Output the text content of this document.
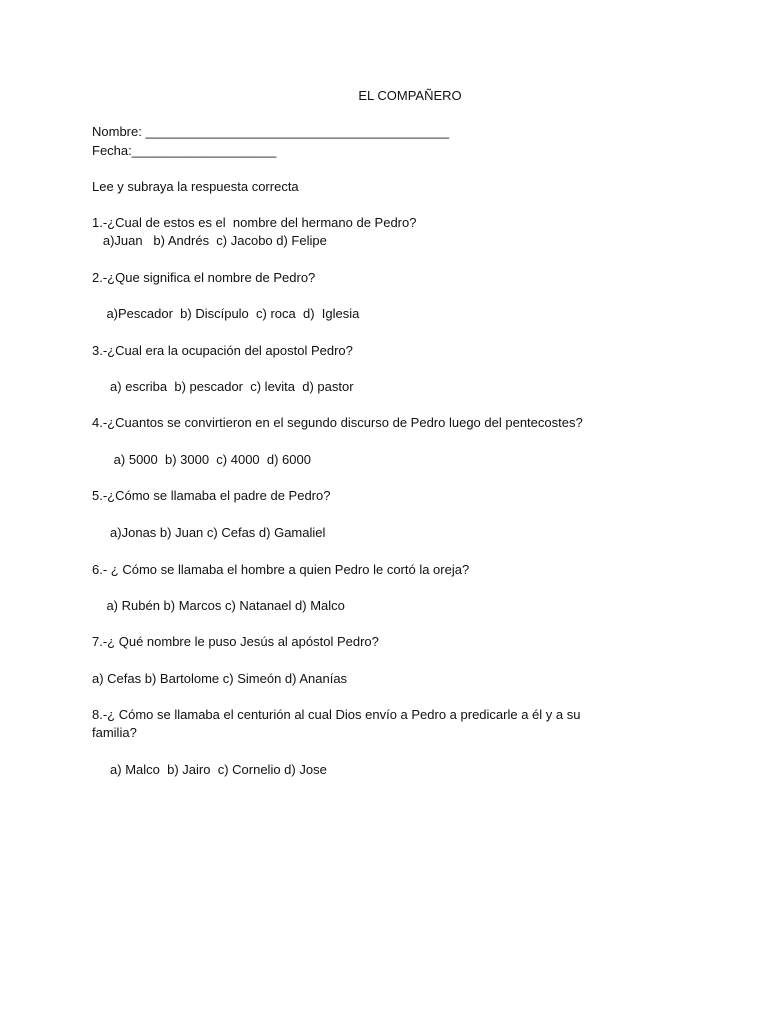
EL COMPAÑERO
Nombre: __________________________________________
Fecha:____________________
Lee y subraya la respuesta correcta
1.-¿Cual de estos es el  nombre del hermano de Pedro?
a)Juan   b) Andrés  c) Jacobo d) Felipe
2.-¿Que significa el nombre de Pedro?
a)Pescador  b) Discípulo  c) roca  d)  Iglesia
3.-¿Cual era la ocupación del apostol Pedro?
a) escriba  b) pescador  c) levita  d) pastor
4.-¿Cuantos se convirtieron en el segundo discurso de Pedro luego del pentecostes?
a) 5000  b) 3000  c) 4000  d) 6000
5.-¿Cómo se llamaba el padre de Pedro?
a)Jonas b) Juan c) Cefas d) Gamaliel
6.- ¿ Cómo se llamaba el hombre a quien Pedro le cortó la oreja?
a) Rubén b) Marcos c) Natanael d) Malco
7.-¿ Qué nombre le puso Jesús al apóstol Pedro?
a) Cefas b) Bartolome c) Simeón d) Ananías
8.-¿ Cómo se llamaba el centurión al cual Dios envío a Pedro a predicarle a él y a su
familia?
a) Malco  b) Jairo  c) Cornelio d) Jose
